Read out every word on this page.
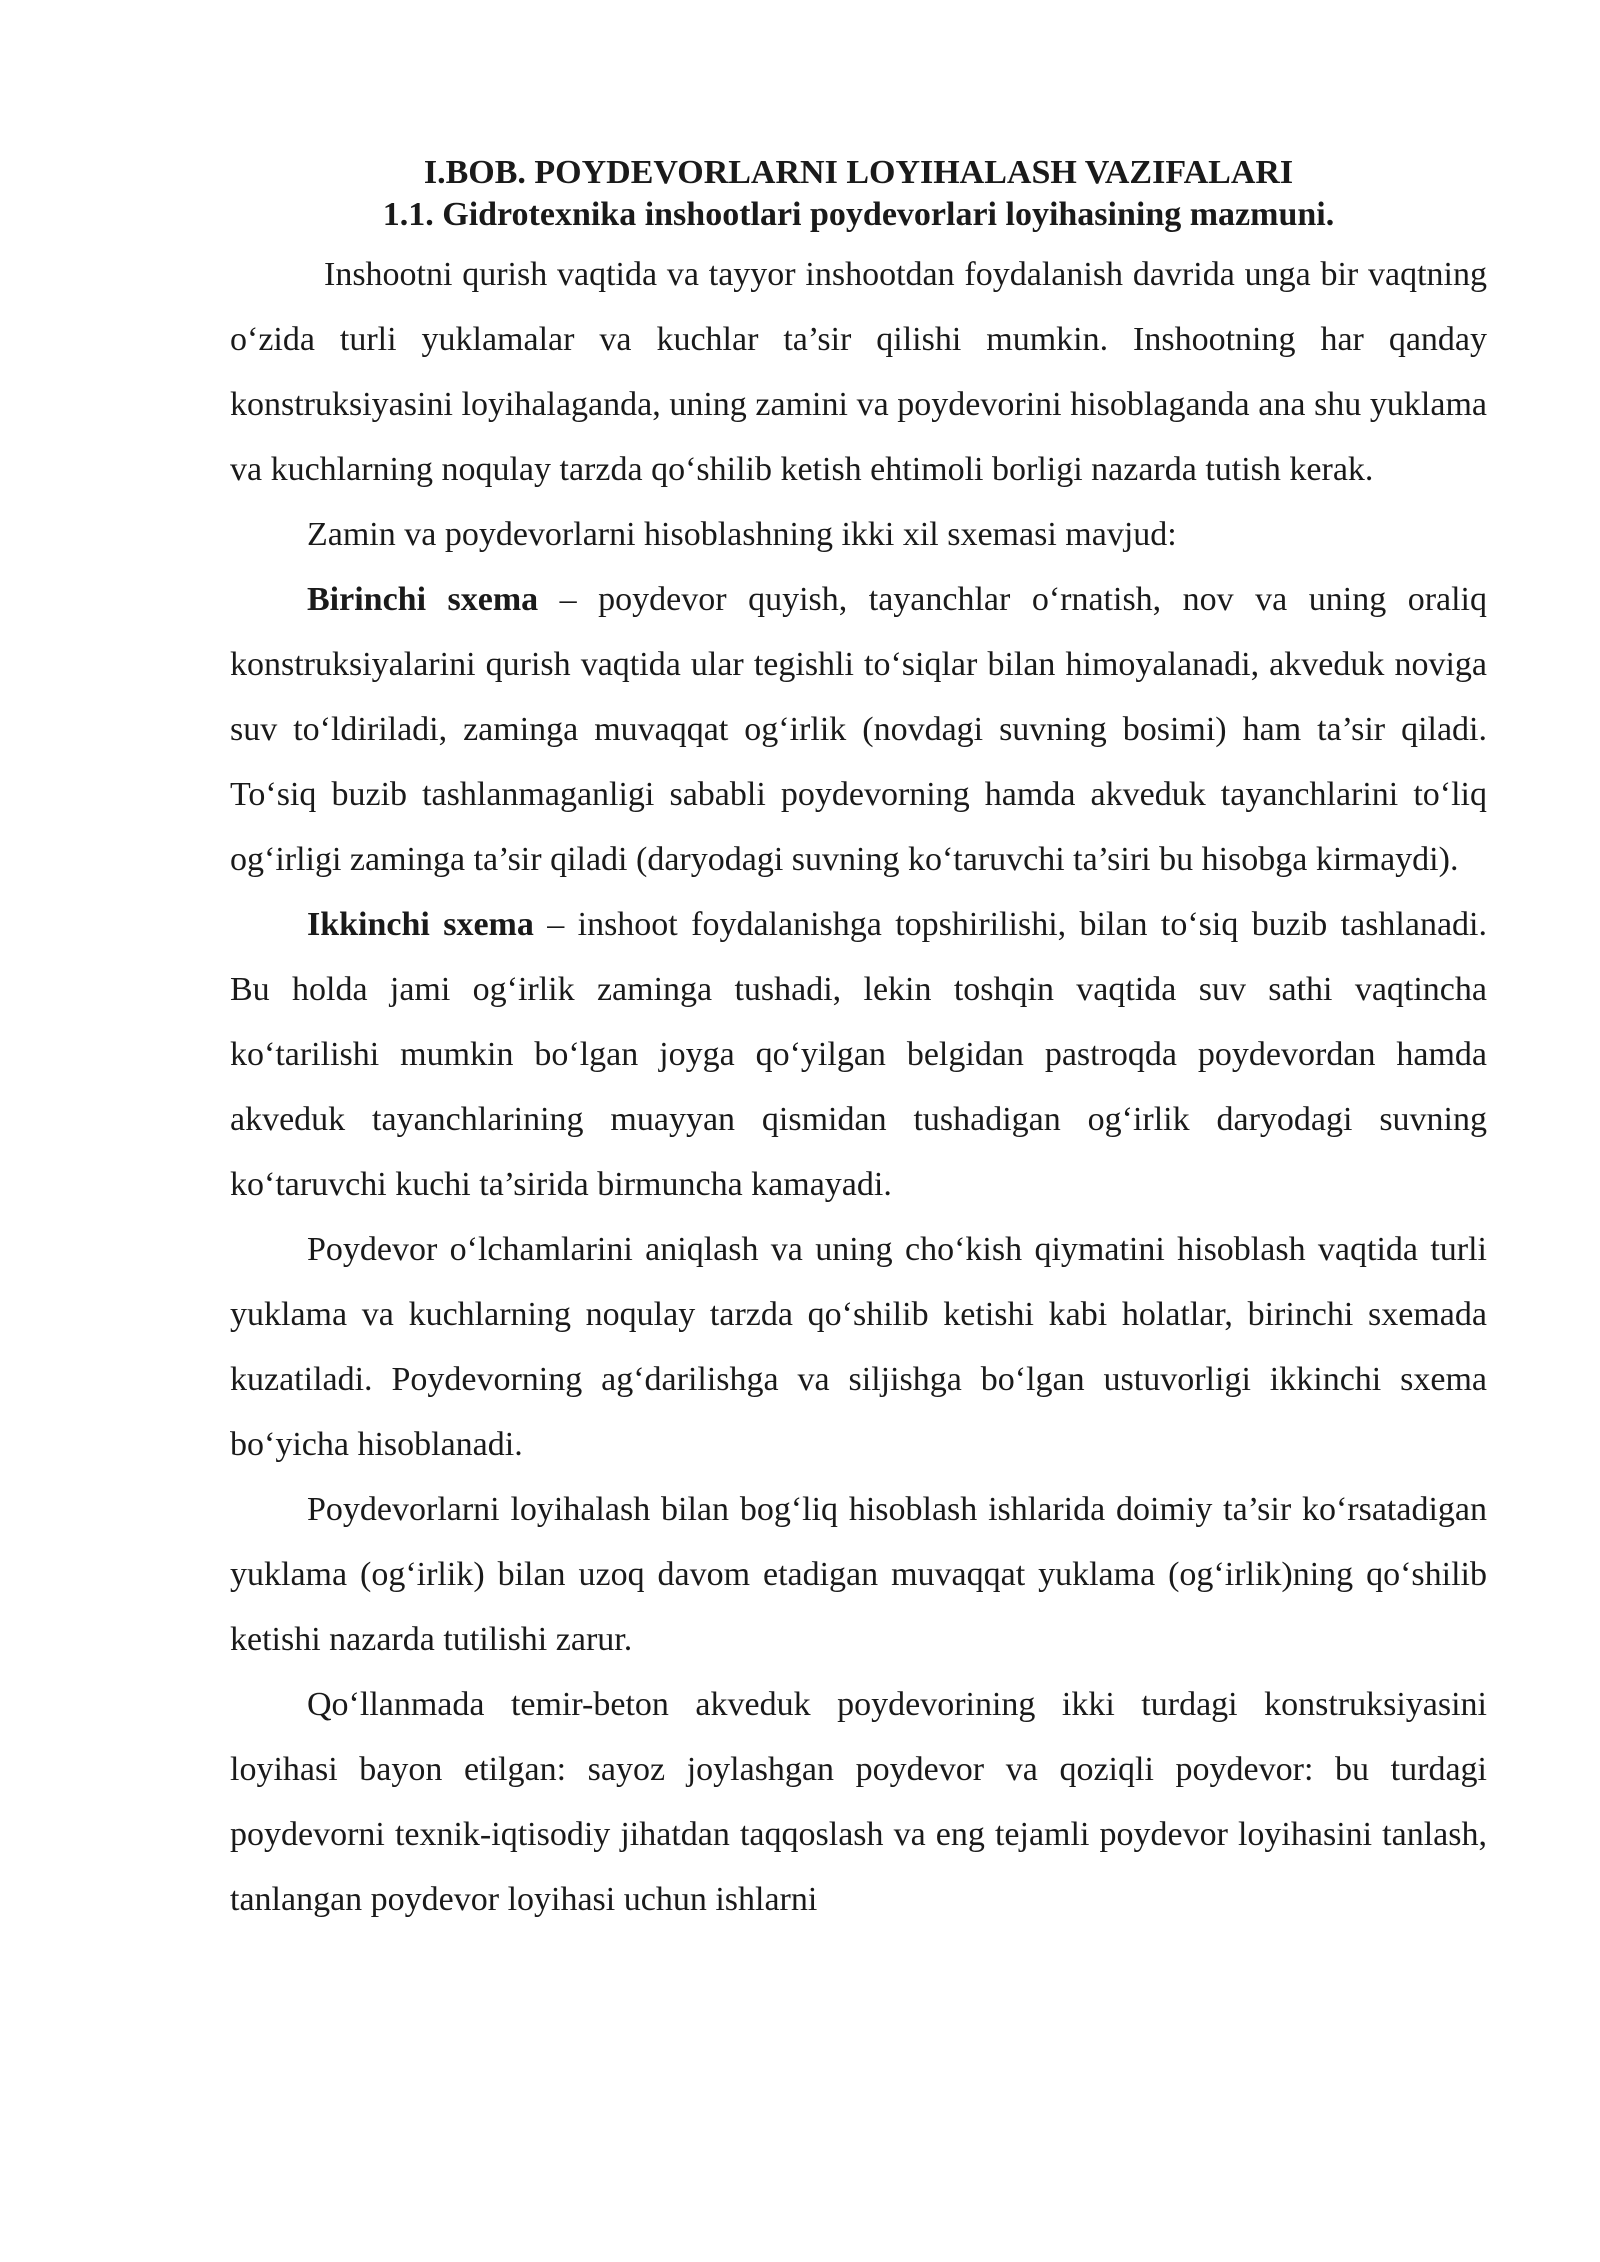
I.BOB. POYDEVORLARNI LOYIHALASH VAZIFALARI
1.1. Gidrotexnika inshootlari poydevorlari loyihasining mazmuni.

Inshootni qurish vaqtida va tayyor inshootdan foydalanish davrida unga bir vaqtning o‘zida turli yuklamalar va kuchlar ta’sir qilishi mumkin. Inshootning har qanday konstruksiyasini loyihalaganda, uning zamini va poydevorini hisoblaganda ana shu yuklama va kuchlarning noqulay tarzda qo‘shilib ketish ehtimoli borligi nazarda tutish kerak.

Zamin va poydevorlarni hisoblashning ikki xil sxemasi mavjud:

Birinchi sxema – poydevor quyish, tayanchlar o‘rnatish, nov va uning oraliq konstruksiyalarini qurish vaqtida ular tegishli to‘siqlar bilan himoyalanadi, akveduk noviga suv to‘ldiriladi, zaminga muvaqqat og‘irlik (novdagi suvning bosimi) ham ta’sir qiladi. To‘siq buzib tashlanmaganligi sababli poydevorning hamda akveduk tayanchlarini to‘liq og‘irligi zaminga ta’sir qiladi (daryodagi suvning ko‘taruvchi ta’siri bu hisobga kirmaydi).

Ikkinchi sxema – inshoot foydalanishga topshirilishi, bilan to‘siq buzib tashlanadi. Bu holda jami og‘irlik zaminga tushadi, lekin toshqin vaqtida suv sathi vaqtincha ko‘tarilishi mumkin bo‘lgan joyga qo‘yilgan belgidan pastroqda poydevordan hamda akveduk tayanchlarining muayyan qismidan tushadigan og‘irlik daryodagi suvning ko‘taruvchi kuchi ta’sirida birmuncha kamayadi.

Poydevor o‘lchamlarini aniqlash va uning cho‘kish qiymatini hisoblash vaqtida turli yuklama va kuchlarning noqulay tarzda qo‘shilib ketishi kabi holatlar, birinchi sxemada kuzatiladi. Poydevorning ag‘darilishga va siljishga bo‘lgan ustuvorligi ikkinchi sxema bo‘yicha hisoblanadi.

Poydevorlarni loyihalash bilan bog‘liq hisoblash ishlarida doimiy ta’sir ko‘rsatadigan yuklama (og‘irlik) bilan uzoq davom etadigan muvaqqat yuklama (og‘irlik)ning qo‘shilib ketishi nazarda tutilishi zarur.

Qo‘llanmada temir-beton akveduk poydevorining ikki turdagi konstruksiyasini loyihasi bayon etilgan: sayoz joylashgan poydevor va qoziqli poydevor: bu turdagi poydevorni texnik-iqtisodiy jihatdan taqqoslash va eng tejamli poydevor loyihasini tanlash, tanlangan poydevor loyihasi uchun ishlarni
